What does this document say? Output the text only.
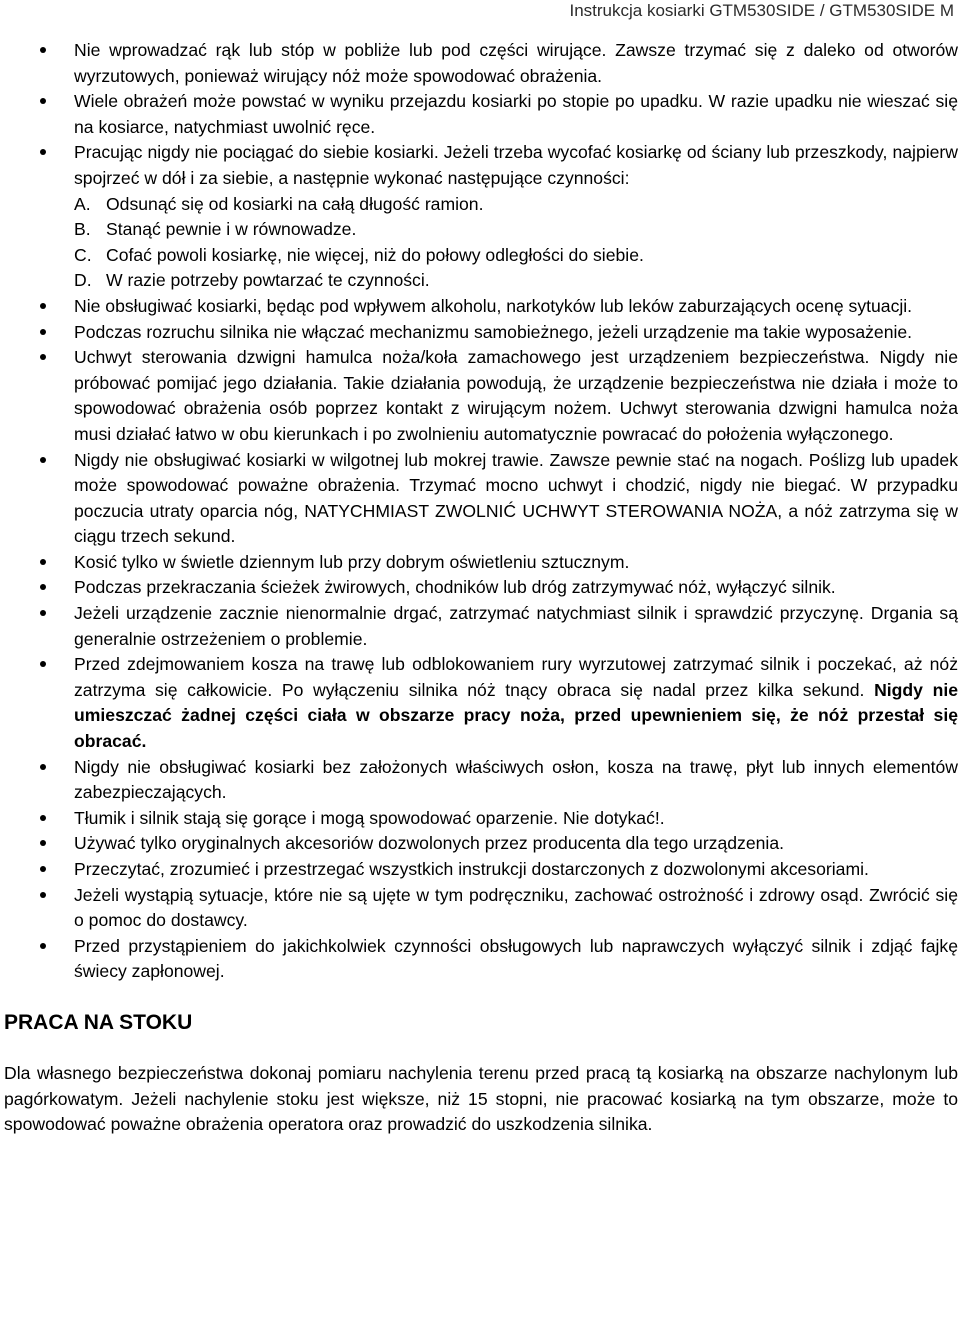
Instrukcja kosiarki GTM530SIDE / GTM530SIDE M
Nie wprowadzać rąk lub stóp w pobliże lub pod części wirujące. Zawsze trzymać się z daleko od otworów wyrzutowych, ponieważ wirujący nóż może spowodować obrażenia.
Wiele obrażeń może powstać w wyniku przejazdu kosiarki po stopie po upadku. W razie upadku nie wieszać się na kosiarce, natychmiast uwolnić ręce.
Pracując nigdy nie pociągać do siebie kosiarki. Jeżeli trzeba wycofać kosiarkę od ściany lub przeszkody, najpierw spojrzeć w dół i za siebie, a następnie wykonać następujące czynności:
A. Odsunąć się od kosiarki na całą długość ramion.
B. Stanąć pewnie i w równowadze.
C. Cofać powoli kosiarkę, nie więcej, niż do połowy odległości do siebie.
D. W razie potrzeby powtarzać te czynności.
Nie obsługiwać kosiarki, będąc pod wpływem alkoholu, narkotyków lub leków zaburzających ocenę sytuacji.
Podczas rozruchu silnika nie włączać mechanizmu samobieżnego, jeżeli urządzenie ma takie wyposażenie.
Uchwyt sterowania dzwigni hamulca noża/koła zamachowego jest urządzeniem bezpieczeństwa. Nigdy nie próbować pomijać jego działania. Takie działania powodują, że urządzenie bezpieczeństwa nie działa i może to spowodować obrażenia osób poprzez kontakt z wirującym nożem. Uchwyt sterowania dzwigni hamulca noża musi działać łatwo w obu kierunkach i po zwolnieniu automatycznie powracać do położenia wyłączonego.
Nigdy nie obsługiwać kosiarki w wilgotnej lub mokrej trawie. Zawsze pewnie stać na nogach. Poślizg lub upadek może spowodować poważne obrażenia. Trzymać mocno uchwyt i chodzić, nigdy nie biegać. W przypadku poczucia utraty oparcia nóg, NATYCHMIAST ZWOLNIĆ UCHWYT STEROWANIA NOŻA, a nóż zatrzyma się w ciągu trzech sekund.
Kosić tylko w świetle dziennym lub przy dobrym oświetleniu sztucznym.
Podczas przekraczania ścieżek żwirowych, chodników lub dróg zatrzymywać nóż, wyłączyć silnik.
Jeżeli urządzenie zacznie nienormalnie drgać, zatrzymać natychmiast silnik i sprawdzić przyczynę. Drgania są generalnie ostrzeżeniem o problemie.
Przed zdejmowaniem kosza na trawę lub odblokowaniem rury wyrzutowej zatrzymać silnik i poczekać, aż nóż zatrzyma się całkowicie. Po wyłączeniu silnika nóż tnący obraca się nadal przez kilka sekund. Nigdy nie umieszczać żadnej części ciała w obszarze pracy noża, przed upewnieniem się, że nóż przestał się obracać.
Nigdy nie obsługiwać kosiarki bez założonych właściwych osłon, kosza na trawę, płyt lub innych elementów zabezpieczających.
Tłumik i silnik stają się gorące i mogą spowodować oparzenie. Nie dotykać!.
Używać tylko oryginalnych akcesoriów dozwolonych przez producenta dla tego urządzenia.
Przeczytać, zrozumieć i przestrzegać wszystkich instrukcji dostarczonych z dozwolonymi akcesoriami.
Jeżeli wystąpią sytuacje, które nie są ujęte w tym podręczniku, zachować ostrożność i zdrowy osąd. Zwrócić się o pomoc do dostawcy.
Przed przystąpieniem do jakichkolwiek czynności obsługowych lub naprawczych wyłączyć silnik i zdjąć fajkę świecy zapłonowej.
PRACA NA STOKU
Dla własnego bezpieczeństwa dokonaj pomiaru nachylenia terenu przed pracą tą kosiarką na obszarze nachylonym lub pagórkowatym. Jeżeli nachylenie stoku jest większe, niż 15 stopni, nie pracować kosiarką na tym obszarze, może to spowodować poważne obrażenia operatora oraz prowadzić do uszkodzenia silnika.
